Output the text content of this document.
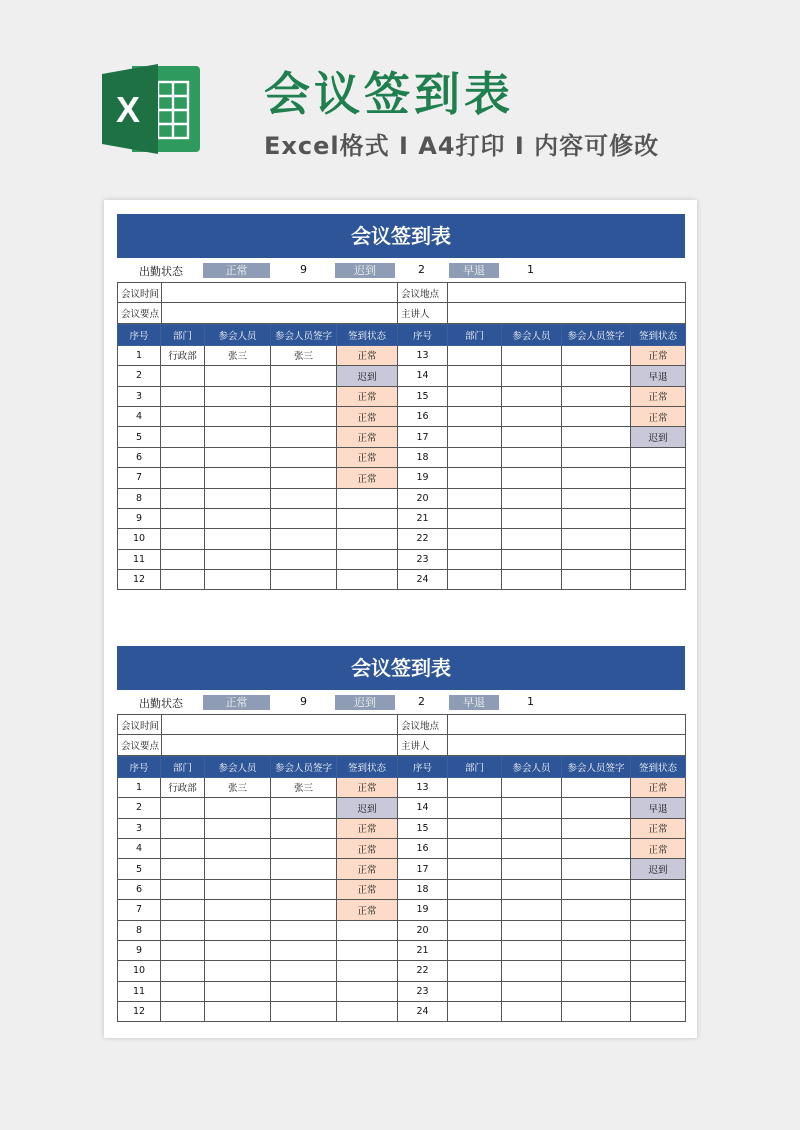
X	会议签到表
Excel格式 I A4打印 I 内容可修改
会议签到表
出勤状态	正常	9	迟到	2	早退	1
会议时间		会议地点	
会议要点		主讲人	
序号	部门	参会人员	参会人员签字	签到状态	序号	部门	参会人员	参会人员签字	签到状态
1	行政部	张三	张三	正常	13				正常
2				迟到	14				早退
3				正常	15				正常
4				正常	16				正常
5				正常	17				迟到
6				正常	18				
7				正常	19				
8					20				
9					21				
10					22				
11					23				
12					24				
会议签到表
出勤状态	正常	9	迟到	2	早退	1
会议时间		会议地点	
会议要点		主讲人	
序号	部门	参会人员	参会人员签字	签到状态	序号	部门	参会人员	参会人员签字	签到状态
1	行政部	张三	张三	正常	13				正常
2				迟到	14				早退
3				正常	15				正常
4				正常	16				正常
5				正常	17				迟到
6				正常	18				
7				正常	19				
8					20				
9					21				
10					22				
11					23				
12					24				
